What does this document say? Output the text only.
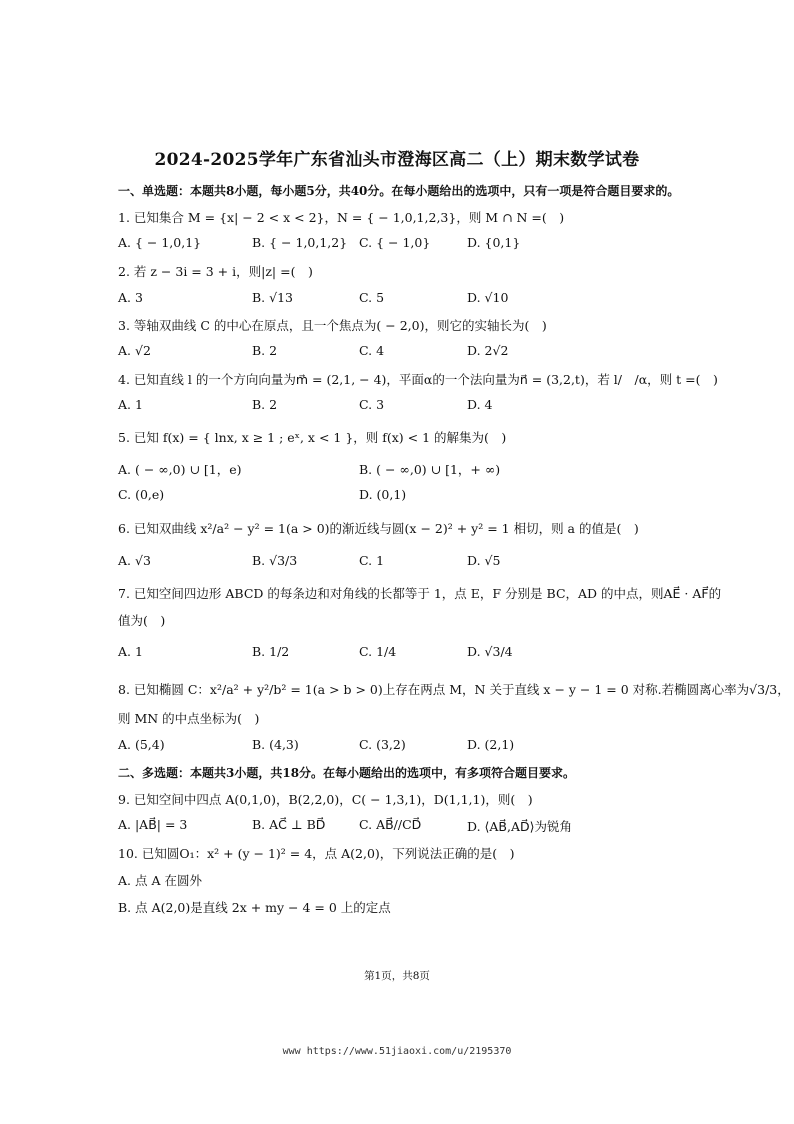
2024-2025学年广东省汕头市澄海区高二（上）期末数学试卷
一、单选题：本题共8小题，每小题5分，共40分。在每小题给出的选项中，只有一项是符合题目要求的。
1. 已知集合 M = {x| − 2 < x < 2}，N = { − 1,0,1,2,3}，则 M ∩ N =(　)
A. { − 1,0,1}	B. { − 1,0,1,2} C. { − 1,0}	D. {0,1}
2. 若 z − 3i = 3 + i，则|z| =(　)
A. 3	B. √13	C. 5	D. √10
3. 等轴双曲线 C 的中心在原点，且一个焦点为( − 2,0)，则它的实轴长为(　)
A. √2	B. 2	C. 4	D. 2√2
4. 已知直线 l 的一个方向向量为m⃗ = (2,1, − 4)，平面α的一个法向量为n⃗ = (3,2,t)，若 l/　/α，则 t =(　)
A. 1	B. 2	C. 3	D. 4
5. 已知 f(x) = { lnx, x ≥ 1 ; eˣ, x < 1 }，则 f(x) < 1 的解集为(　)
A. ( − ∞,0) ∪ [1，e)	B. ( − ∞,0) ∪ [1，+ ∞)
C. (0,e)	D. (0,1)
6. 已知双曲线 x²/a² − y² = 1(a > 0)的渐近线与圆(x − 2)² + y² = 1 相切，则 a 的值是(　)
A. √3	B. √3/3	C. 1	D. √5
7. 已知空间四边形 ABCD 的每条边和对角线的长都等于 1，点 E，F 分别是 BC，AD 的中点，则AE⃗ · AF⃗的
值为(　)
A. 1	B. 1/2	C. 1/4	D. √3/4
8. 已知椭圆 C：x²/a² + y²/b² = 1(a > b > 0)上存在两点 M，N 关于直线 x − y − 1 = 0 对称.若椭圆离心率为√3/3，
则 MN 的中点坐标为(　)
A. (5,4)	B. (4,3)	C. (3,2)	D. (2,1)
二、多选题：本题共3小题，共18分。在每小题给出的选项中，有多项符合题目要求。
9. 已知空间中四点 A(0,1,0)，B(2,2,0)，C( − 1,3,1)，D(1,1,1)，则(　)
A. |AB⃗| = 3	B. AC⃗ ⊥ BD⃗	C. AB⃗//CD⃗	D. ⟨AB⃗,AD⃗⟩为锐角
10. 已知圆O₁：x² + (y − 1)² = 4，点 A(2,0)，下列说法正确的是(　)
A. 点 A 在圆外
B. 点 A(2,0)是直线 2x + my − 4 = 0 上的定点
第1页，共8页
www https://www.51jiaoxi.com/u/2195370
